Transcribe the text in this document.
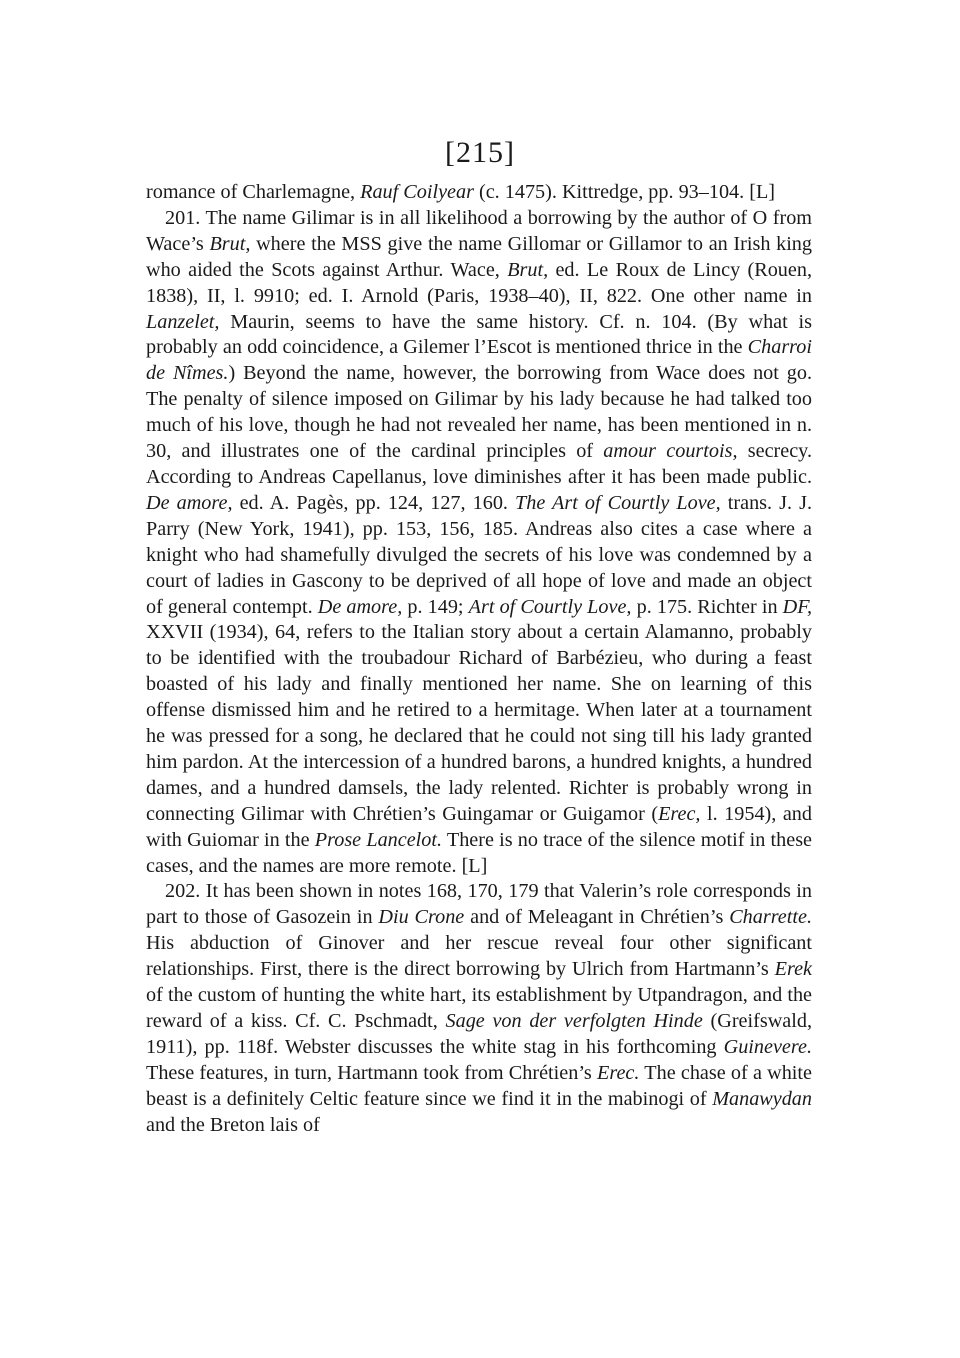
[215]

romance of Charlemagne, Rauf Coilyear (c. 1475). Kittredge, pp. 93–104. [L]

201. The name Gilimar is in all likelihood a borrowing by the author of O from Wace’s Brut, where the MSS give the name Gillomar or Gillamor to an Irish king who aided the Scots against Arthur. Wace, Brut, ed. Le Roux de Lincy (Rouen, 1838), II, l. 9910; ed. I. Arnold (Paris, 1938–40), II, 822. One other name in Lanzelet, Maurin, seems to have the same history. Cf. n. 104. (By what is probably an odd coincidence, a Gilemer l’Escot is mentioned thrice in the Charroi de Nîmes.) Beyond the name, however, the borrowing from Wace does not go. The penalty of silence imposed on Gilimar by his lady because he had talked too much of his love, though he had not revealed her name, has been mentioned in n. 30, and illustrates one of the cardinal principles of amour courtois, secrecy. According to Andreas Capellanus, love diminishes after it has been made public. De amore, ed. A. Pagès, pp. 124, 127, 160. The Art of Courtly Love, trans. J. J. Parry (New York, 1941), pp. 153, 156, 185. Andreas also cites a case where a knight who had shamefully divulged the secrets of his love was condemned by a court of ladies in Gascony to be deprived of all hope of love and made an object of general contempt. De amore, p. 149; Art of Courtly Love, p. 175. Richter in DF, XXVII (1934), 64, refers to the Italian story about a certain Alamanno, probably to be identified with the troubadour Richard of Barbézieu, who during a feast boasted of his lady and finally mentioned her name. She on learning of this offense dismissed him and he retired to a hermitage. When later at a tournament he was pressed for a song, he declared that he could not sing till his lady granted him pardon. At the intercession of a hundred barons, a hundred knights, a hundred dames, and a hundred damsels, the lady relented. Richter is probably wrong in connecting Gilimar with Chrétien’s Guingamar or Guigamor (Erec, l. 1954), and with Guiomar in the Prose Lancelot. There is no trace of the silence motif in these cases, and the names are more remote. [L]

202. It has been shown in notes 168, 170, 179 that Valerin’s role corresponds in part to those of Gasozein in Diu Crone and of Meleagant in Chrétien’s Charrette. His abduction of Ginover and her rescue reveal four other significant relationships. First, there is the direct borrowing by Ulrich from Hartmann’s Erek of the custom of hunting the white hart, its establishment by Utpandragon, and the reward of a kiss. Cf. C. Pschmadt, Sage von der verfolgten Hinde (Greifswald, 1911), pp. 118f. Webster discusses the white stag in his forthcoming Guinevere. These features, in turn, Hartmann took from Chrétien’s Erec. The chase of a white beast is a definitely Celtic feature since we find it in the mabinogi of Manawydan and the Breton lais of
